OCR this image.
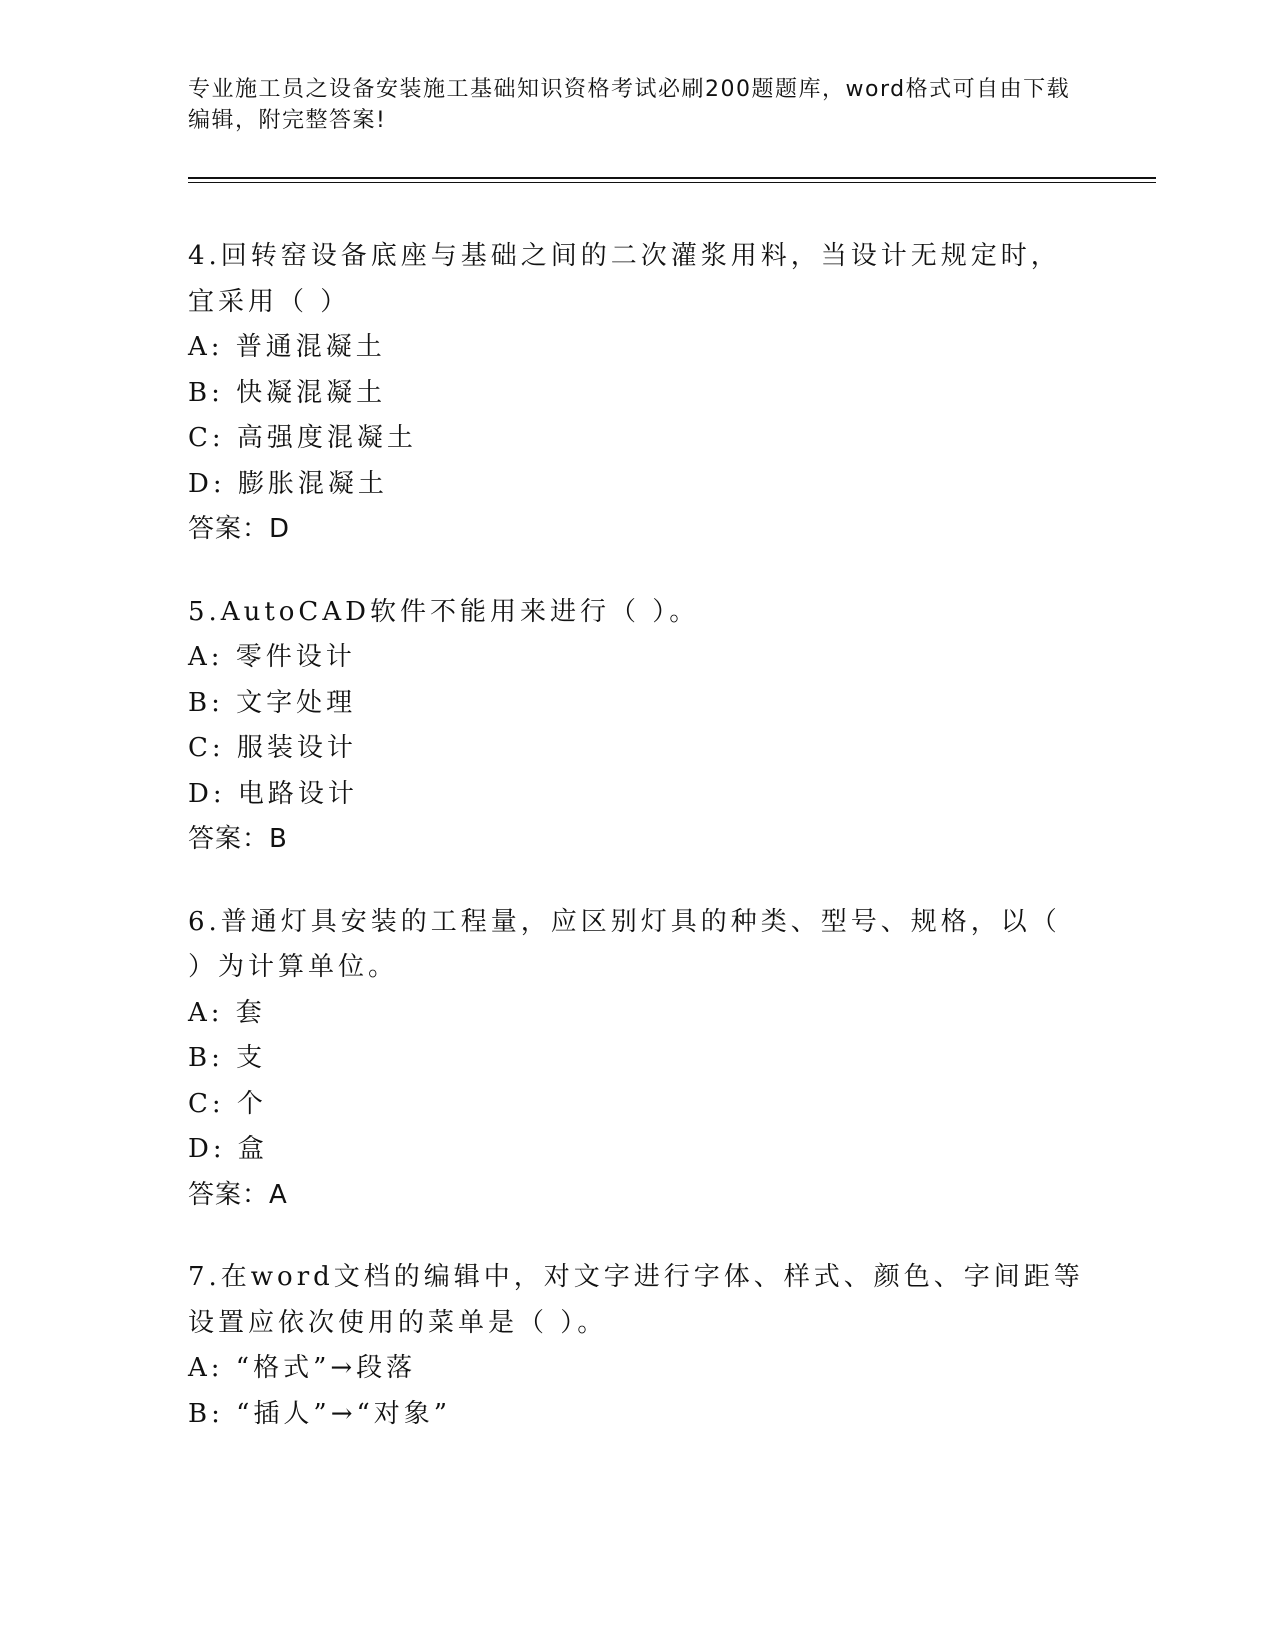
专业施工员之设备安装施工基础知识资格考试必刷200题题库，word格式可自由下载编辑，附完整答案!
4.回转窑设备底座与基础之间的二次灌浆用料，当设计无规定时，宜采用（ ）
A: 普通混凝土
B: 快凝混凝土
C: 高强度混凝土
D: 膨胀混凝土
答案：D
5.AutoCAD软件不能用来进行（ ）。
A: 零件设计
B: 文字处理
C: 服装设计
D: 电路设计
答案：B
6.普通灯具安装的工程量，应区别灯具的种类、型号、规格，以（ ）为计算单位。
A: 套
B: 支
C: 个
D: 盒
答案：A
7.在word文档的编辑中，对文字进行字体、样式、颜色、字间距等设置应依次使用的菜单是（ ）。
A: “格式”→段落
B: “插人”→“对象”
